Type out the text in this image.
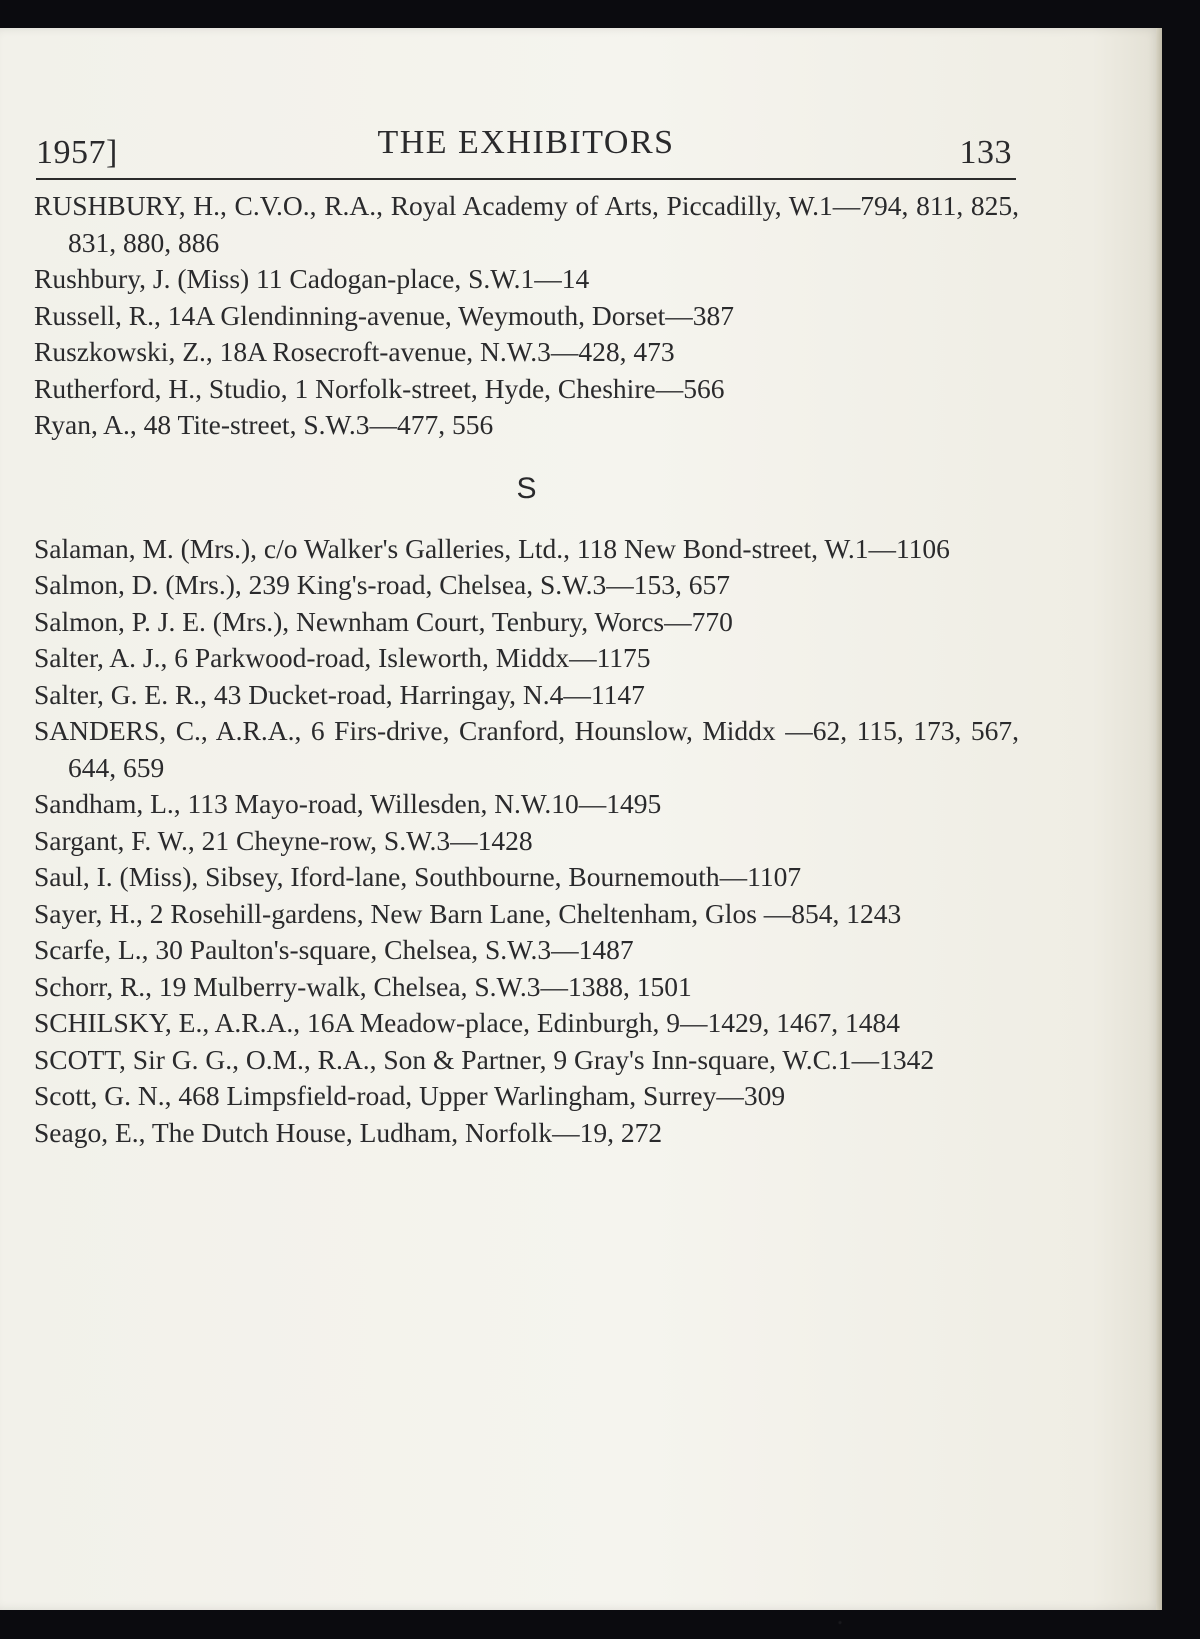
1957]	THE EXHIBITORS	133

RUSHBURY, H., C.V.O., R.A., Royal Academy of Arts, Piccadilly, W.1—794, 811, 825, 831, 880, 886

Rushbury, J. (Miss) 11 Cadogan-place, S.W.1—14

Russell, R., 14A Glendinning-avenue, Weymouth, Dorset—387

Ruszkowski, Z., 18A Rosecroft-avenue, N.W.3—428, 473

Rutherford, H., Studio, 1 Norfolk-street, Hyde, Cheshire—566

Ryan, A., 48 Tite-street, S.W.3—477, 556

S

Salaman, M. (Mrs.), c/o Walker's Galleries, Ltd., 118 New Bond-street, W.1—1106

Salmon, D. (Mrs.), 239 King's-road, Chelsea, S.W.3—153, 657

Salmon, P. J. E. (Mrs.), Newnham Court, Tenbury, Worcs—770

Salter, A. J., 6 Parkwood-road, Isleworth, Middx—1175

Salter, G. E. R., 43 Ducket-road, Harringay, N.4—1147

SANDERS, C., A.R.A., 6 Firs-drive, Cranford, Hounslow, Middx —62, 115, 173, 567, 644, 659

Sandham, L., 113 Mayo-road, Willesden, N.W.10—1495

Sargant, F. W., 21 Cheyne-row, S.W.3—1428

Saul, I. (Miss), Sibsey, Iford-lane, Southbourne, Bournemouth—1107

Sayer, H., 2 Rosehill-gardens, New Barn Lane, Cheltenham, Glos —854, 1243

Scarfe, L., 30 Paulton's-square, Chelsea, S.W.3—1487

Schorr, R., 19 Mulberry-walk, Chelsea, S.W.3—1388, 1501

SCHILSKY, E., A.R.A., 16A Meadow-place, Edinburgh, 9—1429, 1467, 1484

SCOTT, Sir G. G., O.M., R.A., Son & Partner, 9 Gray's Inn-square, W.C.1—1342

Scott, G. N., 468 Limpsfield-road, Upper Warlingham, Surrey—309

Seago, E., The Dutch House, Ludham, Norfolk—19, 272
